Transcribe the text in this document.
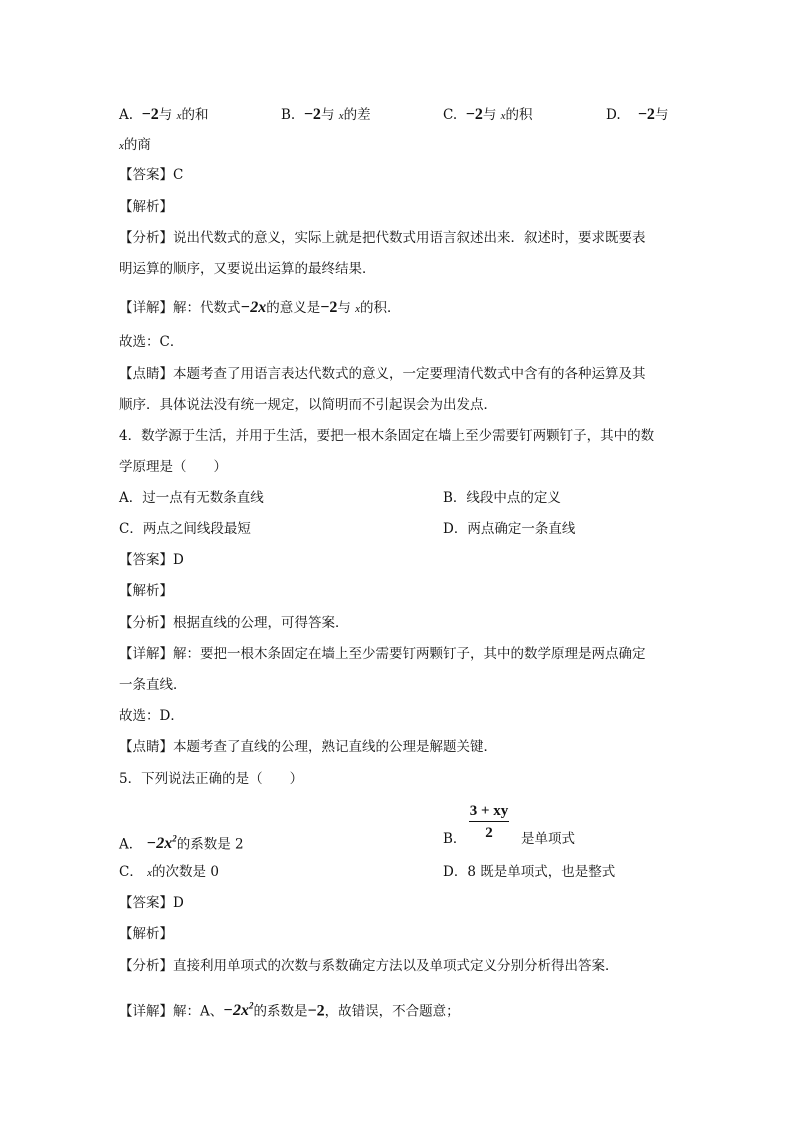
A. −2与 x的和	B. −2与 x的差	C. −2与 x的积	D. −2与
x的商
【答案】C
【解析】
【分析】说出代数式的意义，实际上就是把代数式用语言叙述出来．叙述时，要求既要表
明运算的顺序，又要说出运算的最终结果．
【详解】解：代数式−2x的意义是−2与 x的积．
故选：C．
【点睛】本题考查了用语言表达代数式的意义，一定要理清代数式中含有的各种运算及其
顺序．具体说法没有统一规定，以简明而不引起误会为出发点．
4．数学源于生活，并用于生活，要把一根木条固定在墙上至少需要钉两颗钉子，其中的数
学原理是（　　）
A．过一点有无数条直线	B．线段中点的定义
C．两点之间线段最短	D．两点确定一条直线
【答案】D
【解析】
【分析】根据直线的公理，可得答案．
【详解】解：要把一根木条固定在墙上至少需要钉两颗钉子，其中的数学原理是两点确定
一条直线．
故选：D．
【点睛】本题考查了直线的公理，熟记直线的公理是解题关键．
5．下列说法正确的是（　　）
A． $-2x^2$的系数是 2	B．	是单项式
3 + xy
2
C． x的次数是 0	D．8 既是单项式，也是整式
【答案】D
【解析】
【分析】直接利用单项式的次数与系数确定方法以及单项式定义分别分析得出答案．
【详解】解：A、$-2x^2$的系数是−2，故错误，不合题意；
